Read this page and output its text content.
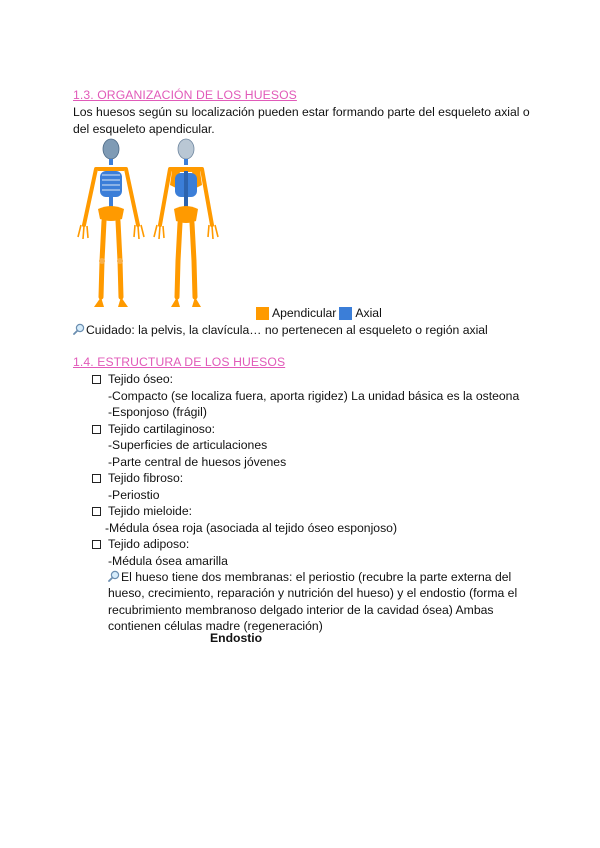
1.3. ORGANIZACIÓN DE LOS HUESOS
Los huesos según su localización pueden estar formando parte del esqueleto axial o del esqueleto apendicular.
Apendicular Axial
Cuidado: la pelvis, la clavícula… no pertenecen al esqueleto o región axial
1.4. ESTRUCTURA DE LOS HUESOS
Tejido óseo:
-Compacto (se localiza fuera, aporta rigidez) La unidad básica es la osteona
-Esponjoso (frágil)
Tejido cartilaginoso:
-Superficies de articulaciones
-Parte central de huesos jóvenes
Tejido fibroso:
-Periostio
Tejido mieloide:
-Médula ósea roja (asociada al tejido óseo esponjoso)
Tejido adiposo:
-Médula ósea amarilla
El hueso tiene dos membranas: el periostio (recubre la parte externa del hueso, crecimiento, reparación y nutrición del hueso) y el endostio (forma el recubrimiento membranoso delgado interior de la cavidad ósea) Ambas contienen células madre (regeneración)
Endostio
